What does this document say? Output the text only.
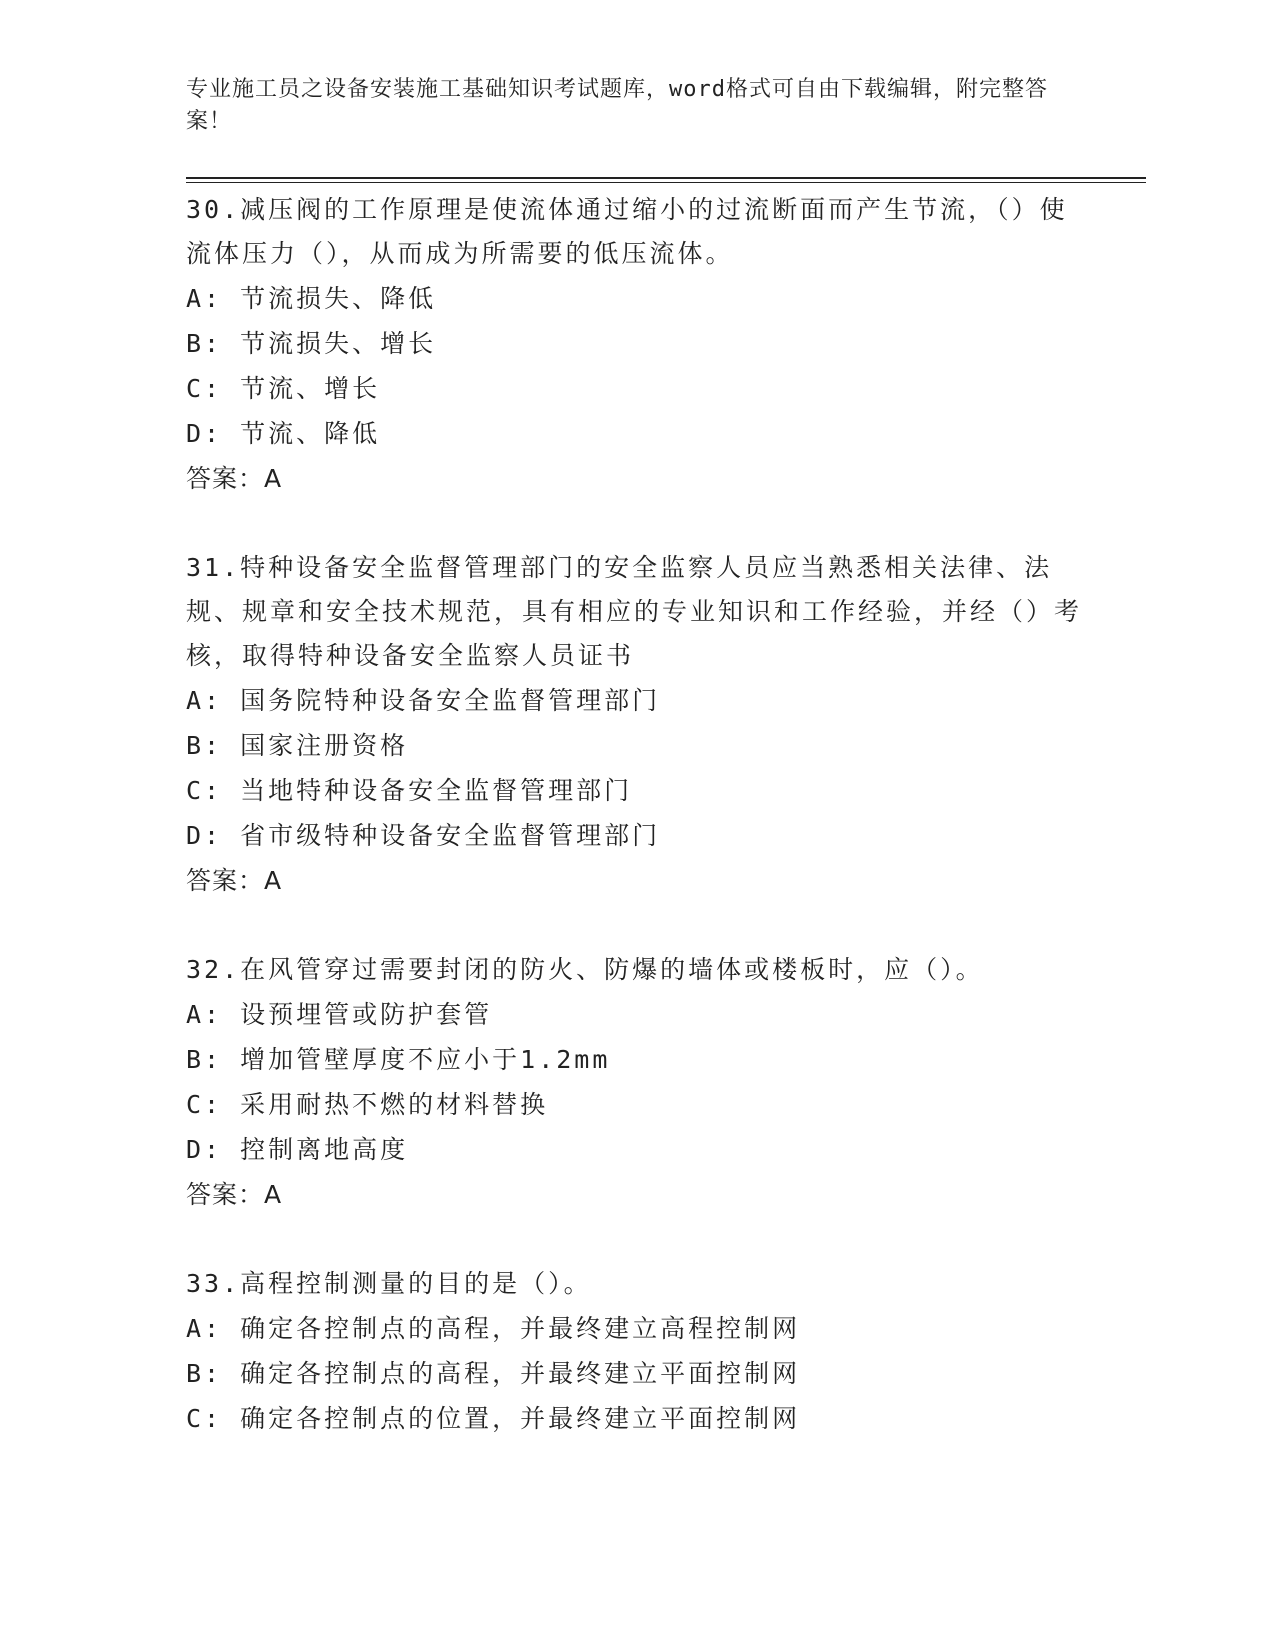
专业施工员之设备安装施工基础知识考试题库，word格式可自由下载编辑，附完整答案！
30.减压阀的工作原理是使流体通过缩小的过流断面而产生节流，（）使流体压力（），从而成为所需要的低压流体。
A: 节流损失、降低
B: 节流损失、增长
C: 节流、增长
D: 节流、降低
答案：A
31.特种设备安全监督管理部门的安全监察人员应当熟悉相关法律、法规、规章和安全技术规范，具有相应的专业知识和工作经验，并经（）考核，取得特种设备安全监察人员证书
A: 国务院特种设备安全监督管理部门
B: 国家注册资格
C: 当地特种设备安全监督管理部门
D: 省市级特种设备安全监督管理部门
答案：A
32.在风管穿过需要封闭的防火、防爆的墙体或楼板时，应（）。
A: 设预埋管或防护套管
B: 增加管壁厚度不应小于1.2mm
C: 采用耐热不燃的材料替换
D: 控制离地高度
答案：A
33.高程控制测量的目的是（）。
A: 确定各控制点的高程，并最终建立高程控制网
B: 确定各控制点的高程，并最终建立平面控制网
C: 确定各控制点的位置，并最终建立平面控制网
